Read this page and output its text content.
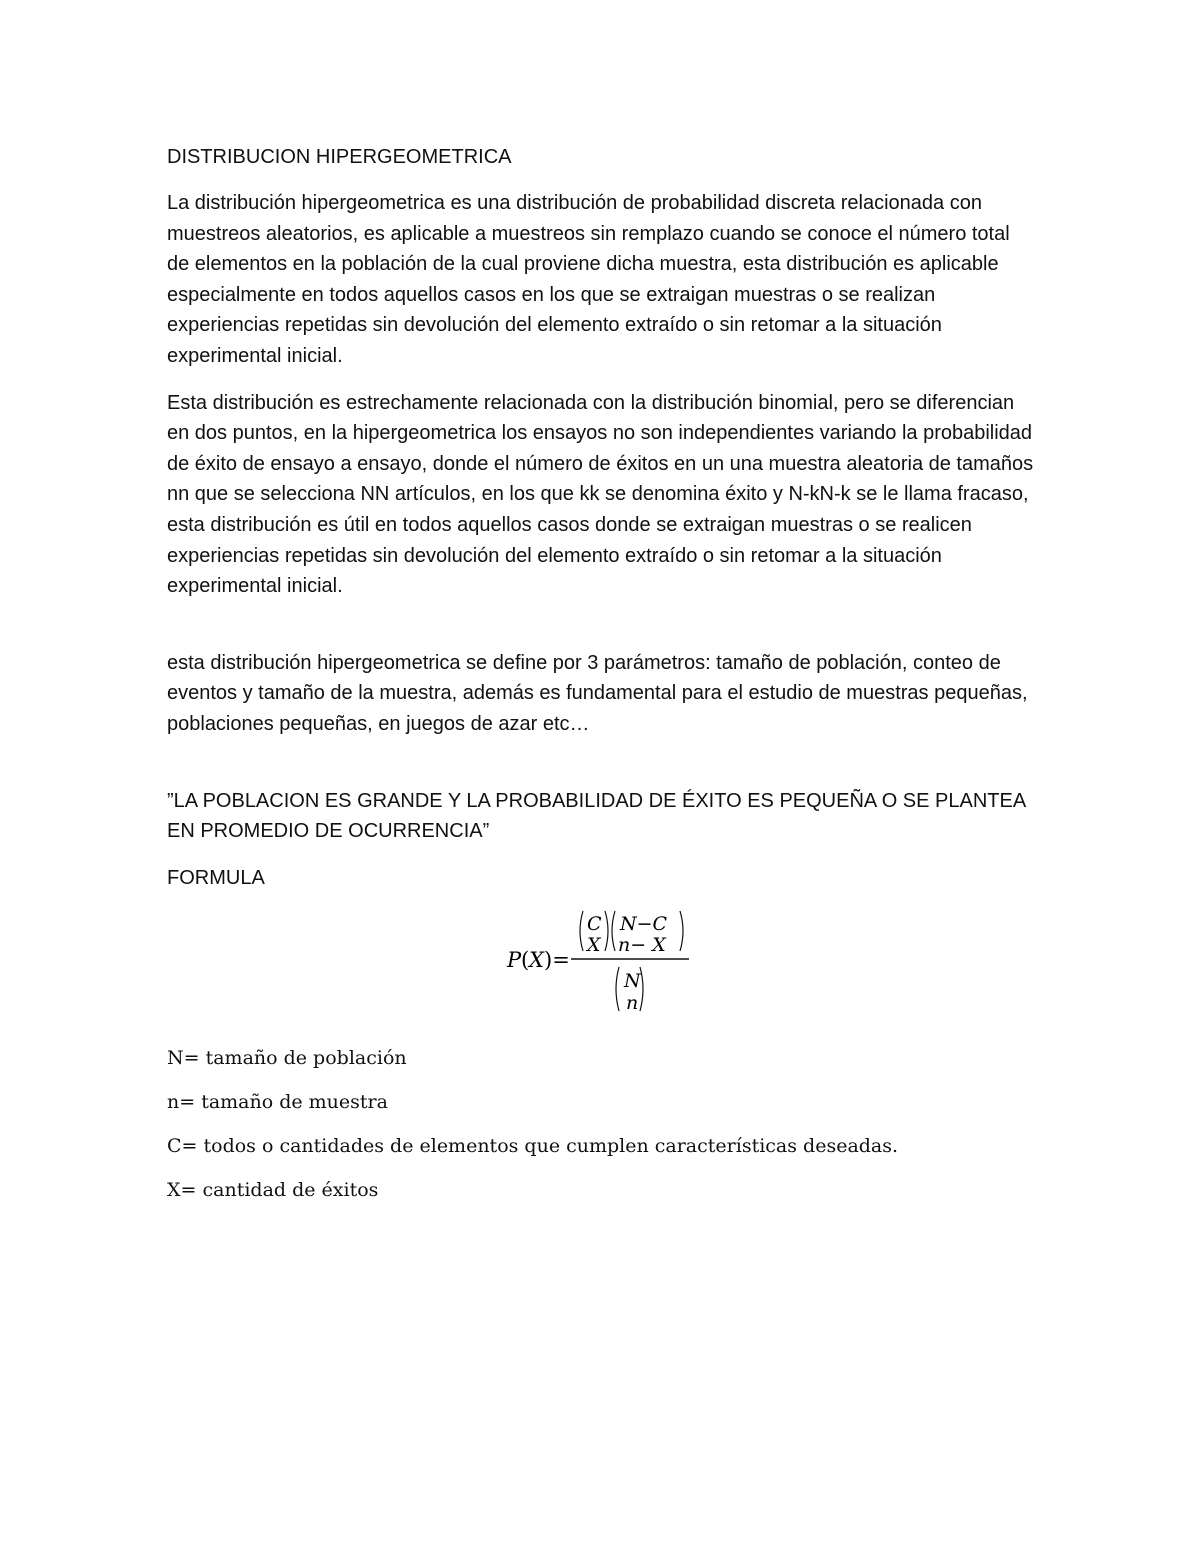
DISTRIBUCION HIPERGEOMETRICA

La distribución hipergeometrica es una distribución de probabilidad discreta relacionada con muestreos aleatorios, es aplicable a muestreos sin remplazo cuando se conoce el número total de elementos en la población de la cual proviene dicha muestra, esta distribución es aplicable especialmente en todos aquellos casos en los que se extraigan muestras o se realizan experiencias repetidas sin devolución del elemento extraído o sin retomar a la situación experimental inicial.

Esta distribución es estrechamente relacionada con la distribución binomial, pero se diferencian en dos puntos, en la hipergeometrica los ensayos no son independientes variando la probabilidad de éxito de ensayo a ensayo, donde el número de éxitos en un una muestra aleatoria de tamaños nn que se selecciona NN artículos, en los que kk se denomina éxito y N-kN-k se le llama fracaso, esta distribución es útil en todos aquellos casos donde se extraigan muestras o se realicen experiencias repetidas sin devolución del elemento extraído o sin retomar a la situación experimental inicial.

esta distribución hipergeometrica se define por 3 parámetros: tamaño de población, conteo de eventos y tamaño de la muestra, además es fundamental para el estudio de muestras pequeñas, poblaciones pequeñas, en juegos de azar etc…

”LA POBLACION ES GRANDE Y LA PROBABILIDAD DE ÉXITO ES PEQUEÑA O SE PLANTEA EN PROMEDIO DE OCURRENCIA”

FORMULA
P ( X )=
C
X
N−C
n− X
N
n
N= tamaño de población
n= tamaño de muestra
C= todos o cantidades de elementos que cumplen características deseadas.
X= cantidad de éxitos
